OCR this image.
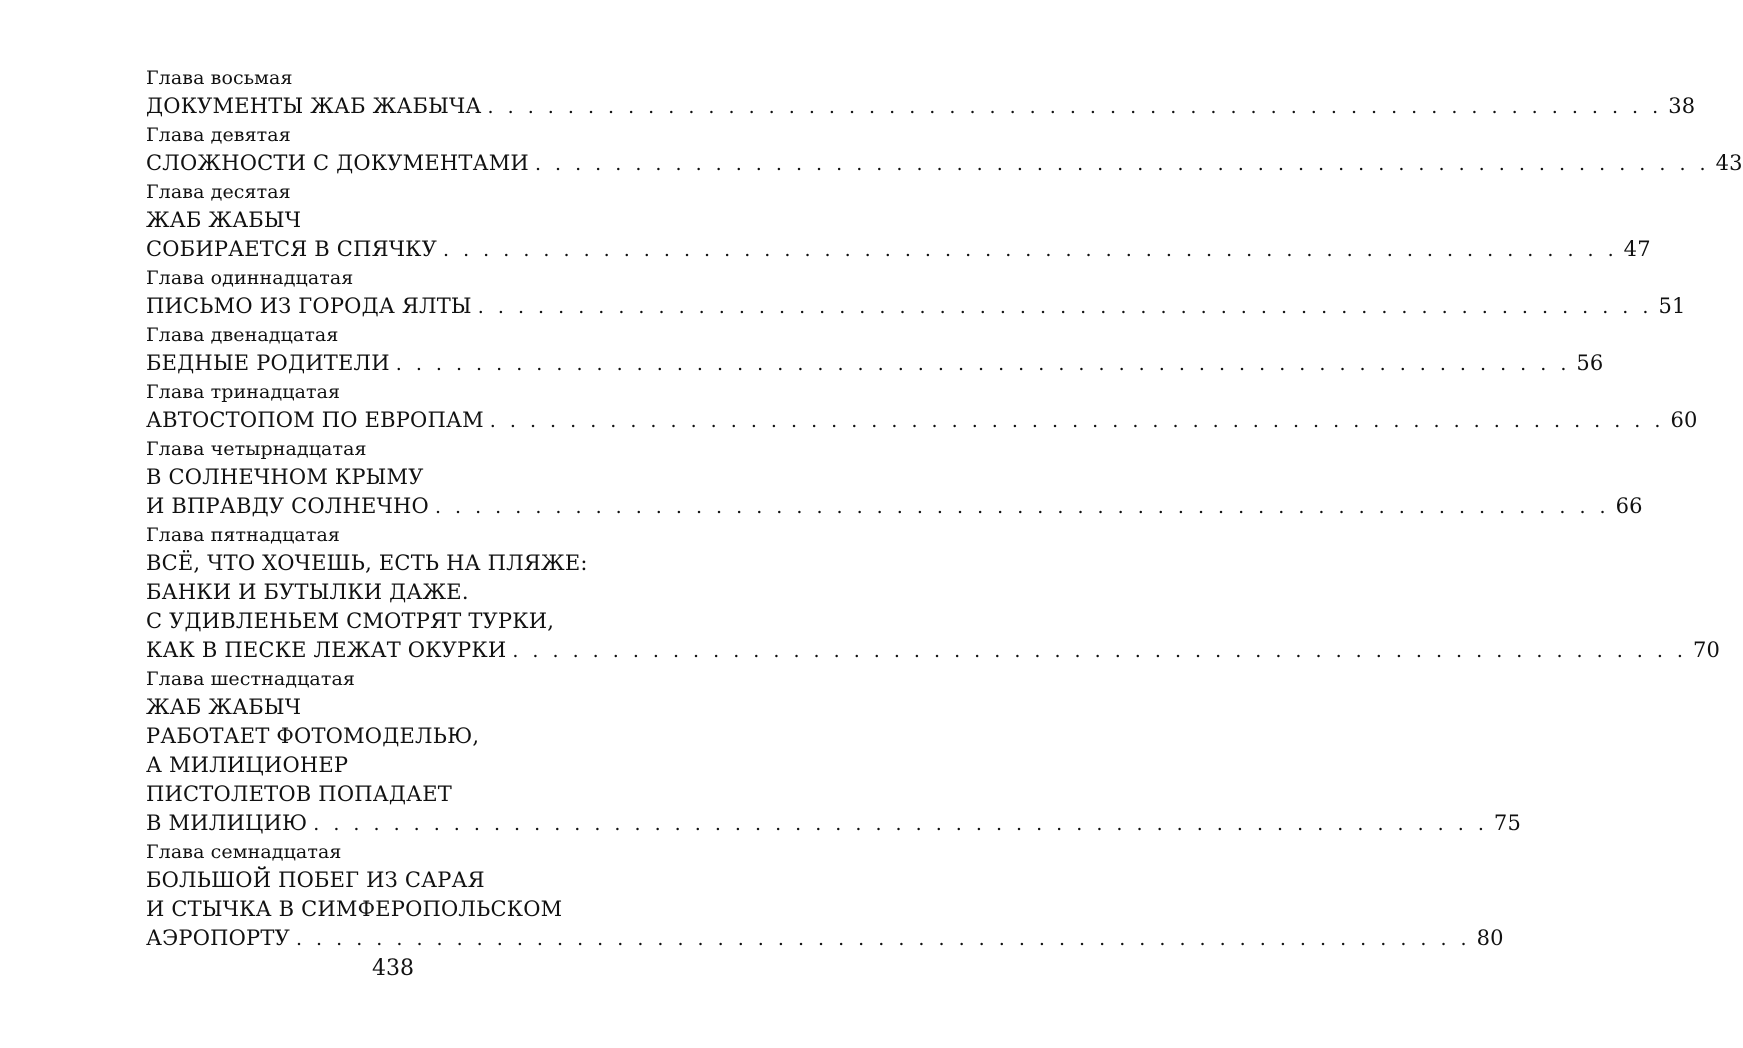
Глава восьмая
ДОКУМЕНТЫ ЖАБ ЖАБЫЧА . . . . . . . . . . . . . . . . . . . . . . . . . . . . . . . . . . . . . . . . . . . . . . . . . . . . . . . . . . . 38
Глава девятая
СЛОЖНОСТИ С ДОКУМЕНТАМИ . . . . . . . . . . . . . . . . . . . . . . . . . . . . . . . . . . . . . . . . . . . . . . . . . . . . . . . . . . . 43
Глава десятая
ЖАБ ЖАБЫЧ
СОБИРАЕТСЯ В СПЯЧКУ . . . . . . . . . . . . . . . . . . . . . . . . . . . . . . . . . . . . . . . . . . . . . . . . . . . . . . . . . . . 47
Глава одиннадцатая
ПИСЬМО ИЗ ГОРОДА ЯЛТЫ . . . . . . . . . . . . . . . . . . . . . . . . . . . . . . . . . . . . . . . . . . . . . . . . . . . . . . . . . . . 51
Глава двенадцатая
БЕДНЫЕ РОДИТЕЛИ . . . . . . . . . . . . . . . . . . . . . . . . . . . . . . . . . . . . . . . . . . . . . . . . . . . . . . . . . . . 56
Глава тринадцатая
АВТОСТОПОМ ПО ЕВРОПАМ . . . . . . . . . . . . . . . . . . . . . . . . . . . . . . . . . . . . . . . . . . . . . . . . . . . . . . . . . . . 60
Глава четырнадцатая
В СОЛНЕЧНОМ КРЫМУ
И ВПРАВДУ СОЛНЕЧНО . . . . . . . . . . . . . . . . . . . . . . . . . . . . . . . . . . . . . . . . . . . . . . . . . . . . . . . . . . . 66
Глава пятнадцатая
ВСЁ, ЧТО ХОЧЕШЬ, ЕСТЬ НА ПЛЯЖЕ:
БАНКИ И БУТЫЛКИ ДАЖЕ.
С УДИВЛЕНЬЕМ СМОТРЯТ ТУРКИ,
КАК В ПЕСКЕ ЛЕЖАТ ОКУРКИ . . . . . . . . . . . . . . . . . . . . . . . . . . . . . . . . . . . . . . . . . . . . . . . . . . . . . . . . . . . 70
Глава шестнадцатая
ЖАБ ЖАБЫЧ
РАБОТАЕТ ФОТОМОДЕЛЬЮ,
А МИЛИЦИОНЕР
ПИСТОЛЕТОВ ПОПАДАЕТ
В МИЛИЦИЮ . . . . . . . . . . . . . . . . . . . . . . . . . . . . . . . . . . . . . . . . . . . . . . . . . . . . . . . . . . . 75
Глава семнадцатая
БОЛЬШОЙ ПОБЕГ ИЗ САРАЯ
И СТЫЧКА В СИМФЕРОПОЛЬСКОМ
АЭРОПОРТУ . . . . . . . . . . . . . . . . . . . . . . . . . . . . . . . . . . . . . . . . . . . . . . . . . . . . . . . . . . . 80
438
